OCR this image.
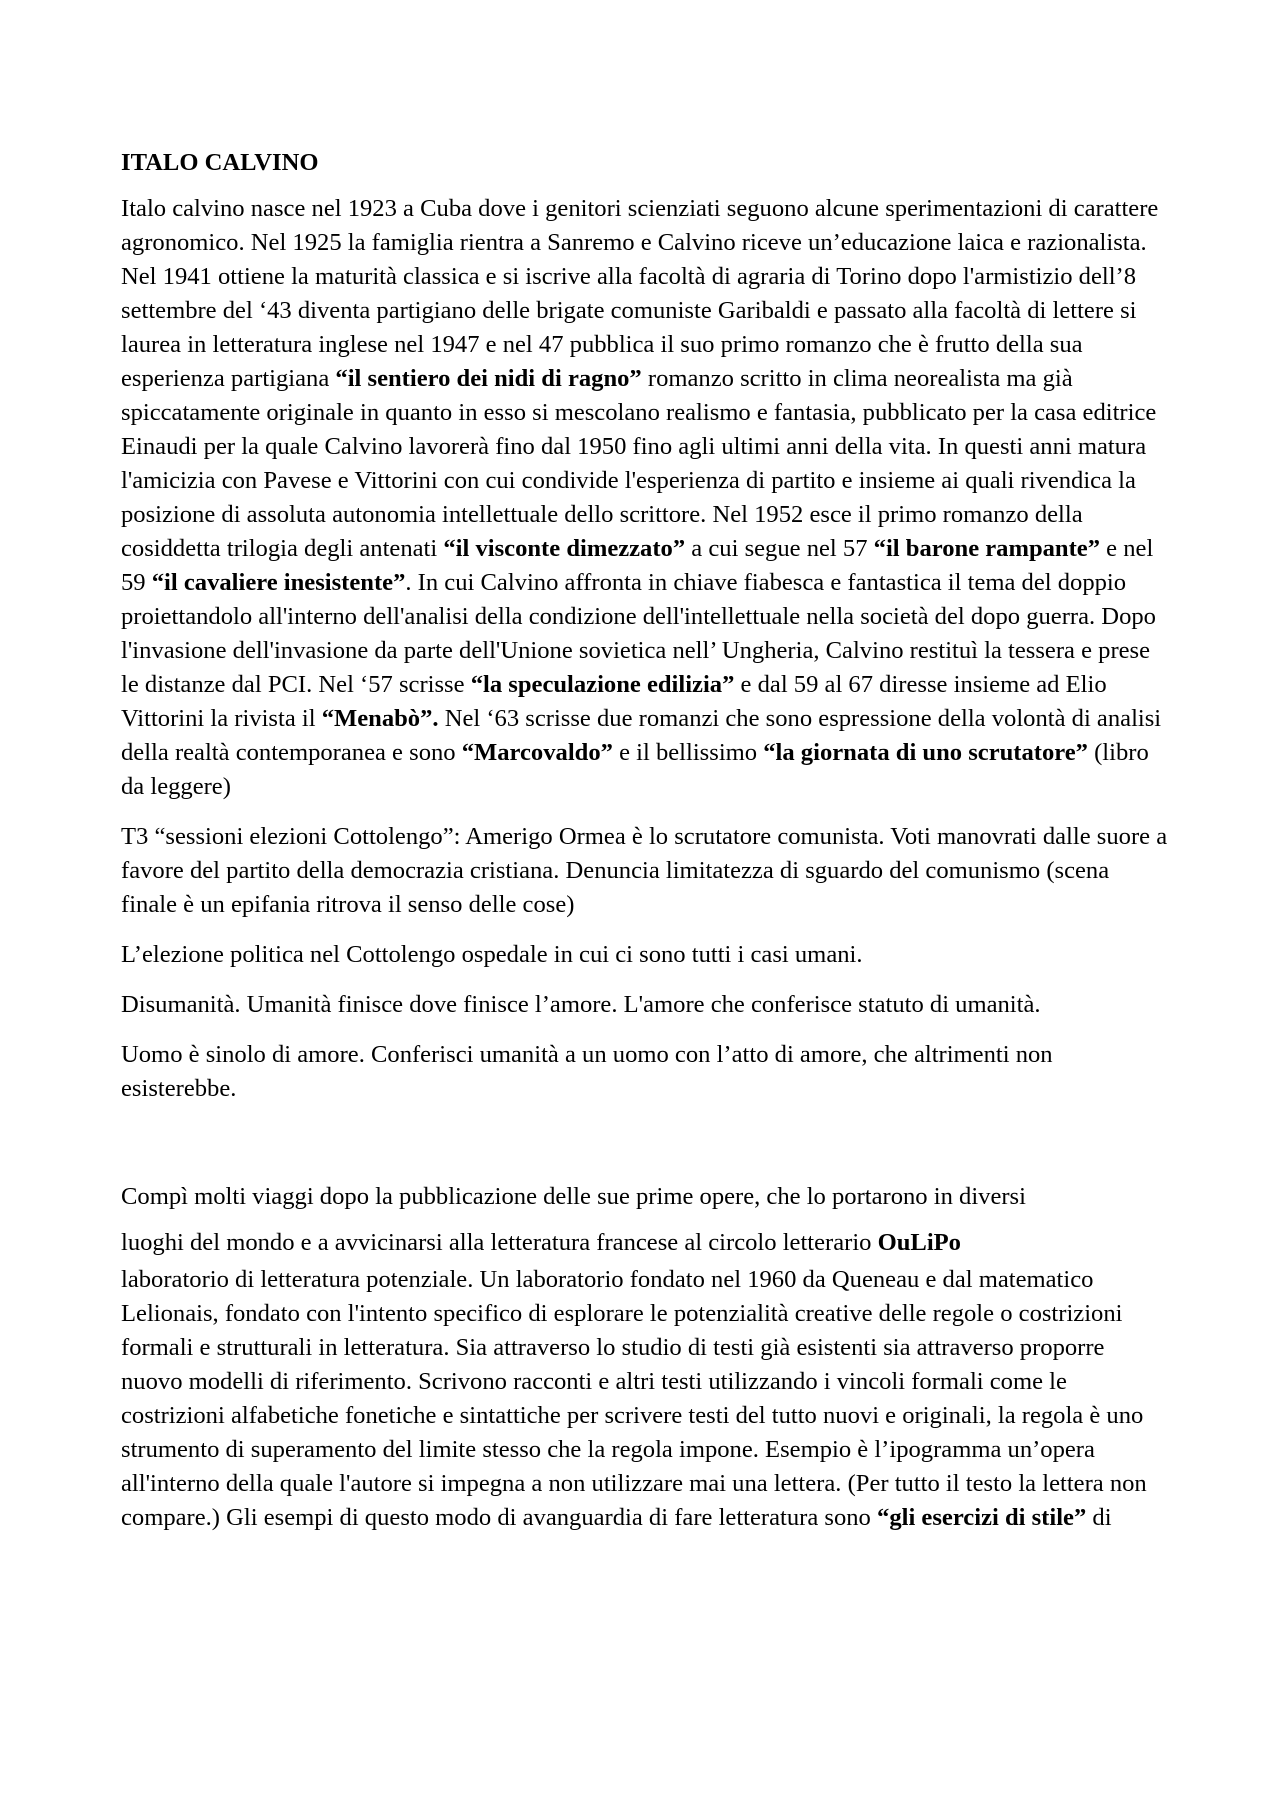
ITALO CALVINO
Italo calvino nasce nel 1923 a Cuba dove i genitori scienziati seguono alcune sperimentazioni di carattere agronomico. Nel 1925 la famiglia rientra a Sanremo e Calvino riceve un’educazione laica e razionalista. Nel 1941 ottiene la maturità classica e si iscrive alla facoltà di agraria di Torino dopo l'armistizio dell’8 settembre del ‘43 diventa partigiano delle brigate comuniste Garibaldi e passato alla facoltà di lettere si laurea in letteratura inglese nel 1947 e nel 47 pubblica il suo primo romanzo che è frutto della sua esperienza partigiana “il sentiero dei nidi di ragno” romanzo scritto in clima neorealista ma già spiccatamente originale in quanto in esso si mescolano realismo e fantasia, pubblicato per la casa editrice Einaudi per la quale Calvino lavorerà fino dal 1950 fino agli ultimi anni della vita. In questi anni matura l'amicizia con Pavese e Vittorini con cui condivide l'esperienza di partito e insieme ai quali rivendica la posizione di assoluta autonomia intellettuale dello scrittore. Nel 1952 esce il primo romanzo della cosiddetta trilogia degli antenati “il visconte dimezzato” a cui segue nel 57 “il barone rampante” e nel 59 “il cavaliere inesistente”. In cui Calvino affronta in chiave fiabesca e fantastica il tema del doppio proiettandolo all'interno dell'analisi della condizione dell'intellettuale nella società del dopo guerra. Dopo l'invasione dell'invasione da parte dell'Unione sovietica nell’ Ungheria, Calvino restituì la tessera e prese le distanze dal PCI. Nel ‘57 scrisse “la speculazione edilizia” e dal 59 al 67 diresse insieme ad Elio Vittorini la rivista il “Menabò”. Nel ‘63 scrisse due romanzi che sono espressione della volontà di analisi della realtà contemporanea e sono “Marcovaldo” e il bellissimo “la giornata di uno scrutatore” (libro da leggere)
T3 “sessioni elezioni Cottolengo”: Amerigo Ormea è lo scrutatore comunista. Voti manovrati dalle suore a favore del partito della democrazia cristiana. Denuncia limitatezza di sguardo del comunismo (scena finale è un epifania ritrova il senso delle cose)
L’elezione politica nel Cottolengo ospedale in cui ci sono tutti i casi umani.
Disumanità. Umanità finisce dove finisce l’amore. L'amore che conferisce statuto di umanità.
Uomo è sinolo di amore. Conferisci umanità a un uomo con l’atto di amore, che altrimenti non esisterebbe.
Compì molti viaggi dopo la pubblicazione delle sue prime opere, che lo portarono in diversi
luoghi del mondo e a avvicinarsi alla letteratura francese al circolo letterario OuLiPo
laboratorio di letteratura potenziale. Un laboratorio fondato nel 1960 da Queneau e dal matematico Lelionais, fondato con l'intento specifico di esplorare le potenzialità creative delle regole o costrizioni formali e strutturali in letteratura. Sia attraverso lo studio di testi già esistenti sia attraverso proporre nuovo modelli di riferimento. Scrivono racconti e altri testi utilizzando i vincoli formali come le costrizioni alfabetiche fonetiche e sintattiche per scrivere testi del tutto nuovi e originali, la regola è uno strumento di superamento del limite stesso che la regola impone. Esempio è l’ipogramma un’opera all'interno della quale l'autore si impegna a non utilizzare mai una lettera. (Per tutto il testo la lettera non compare.) Gli esempi di questo modo di avanguardia di fare letteratura sono “gli esercizi di stile” di
